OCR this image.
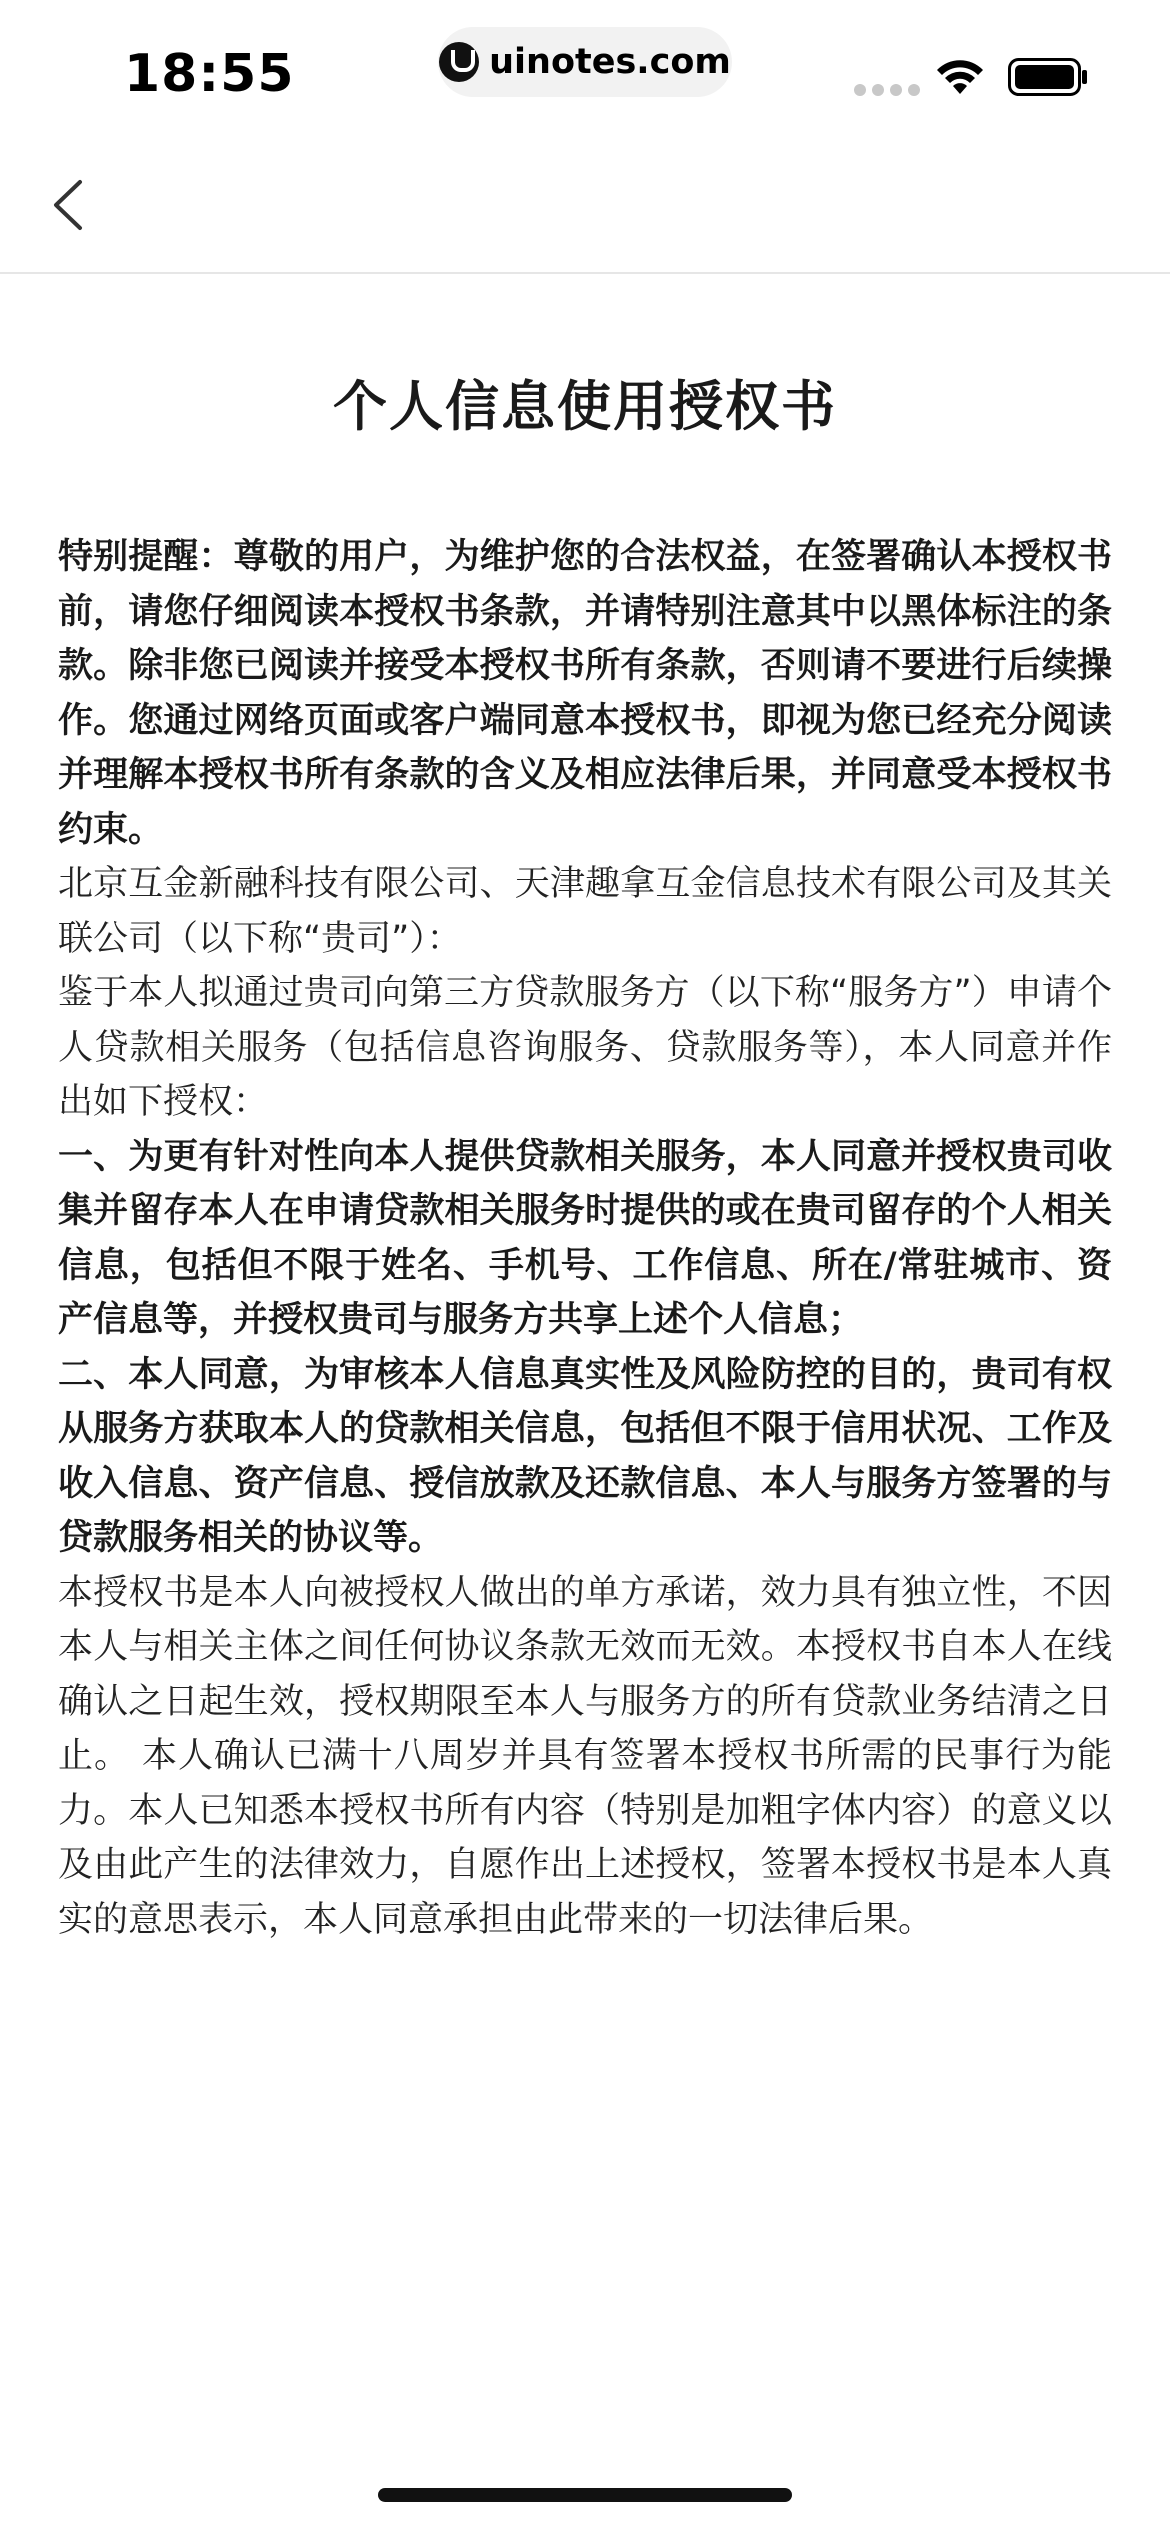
18:55	uinotes.com
个人信息使用授权书

特别提醒：尊敬的用户，为维护您的合法权益，在签署确认本授权书前，请您仔细阅读本授权书条款，并请特别注意其中以黑体标注的条款。除非您已阅读并接受本授权书所有条款，否则请不要进行后续操作。您通过网络页面或客户端同意本授权书，即视为您已经充分阅读并理解本授权书所有条款的含义及相应法律后果，并同意受本授权书约束。

北京互金新融科技有限公司、天津趣拿互金信息技术有限公司及其关联公司（以下称“贵司”）：

鉴于本人拟通过贵司向第三方贷款服务方（以下称“服务方”）申请个人贷款相关服务（包括信息咨询服务、贷款服务等），本人同意并作出如下授权：

一、为更有针对性向本人提供贷款相关服务，本人同意并授权贵司收集并留存本人在申请贷款相关服务时提供的或在贵司留存的个人相关信息，包括但不限于姓名、手机号、工作信息、所在/常驻城市、资产信息等，并授权贵司与服务方共享上述个人信息；

二、本人同意，为审核本人信息真实性及风险防控的目的，贵司有权从服务方获取本人的贷款相关信息，包括但不限于信用状况、工作及收入信息、资产信息、授信放款及还款信息、本人与服务方签署的与贷款服务相关的协议等。

本授权书是本人向被授权人做出的单方承诺，效力具有独立性，不因本人与相关主体之间任何协议条款无效而无效。本授权书自本人在线确认之日起生效，授权期限至本人与服务方的所有贷款业务结清之日止。 本人确认已满十八周岁并具有签署本授权书所需的民事行为能力。本人已知悉本授权书所有内容（特别是加粗字体内容）的意义以及由此产生的法律效力，自愿作出上述授权，签署本授权书是本人真实的意思表示，本人同意承担由此带来的一切法律后果。
